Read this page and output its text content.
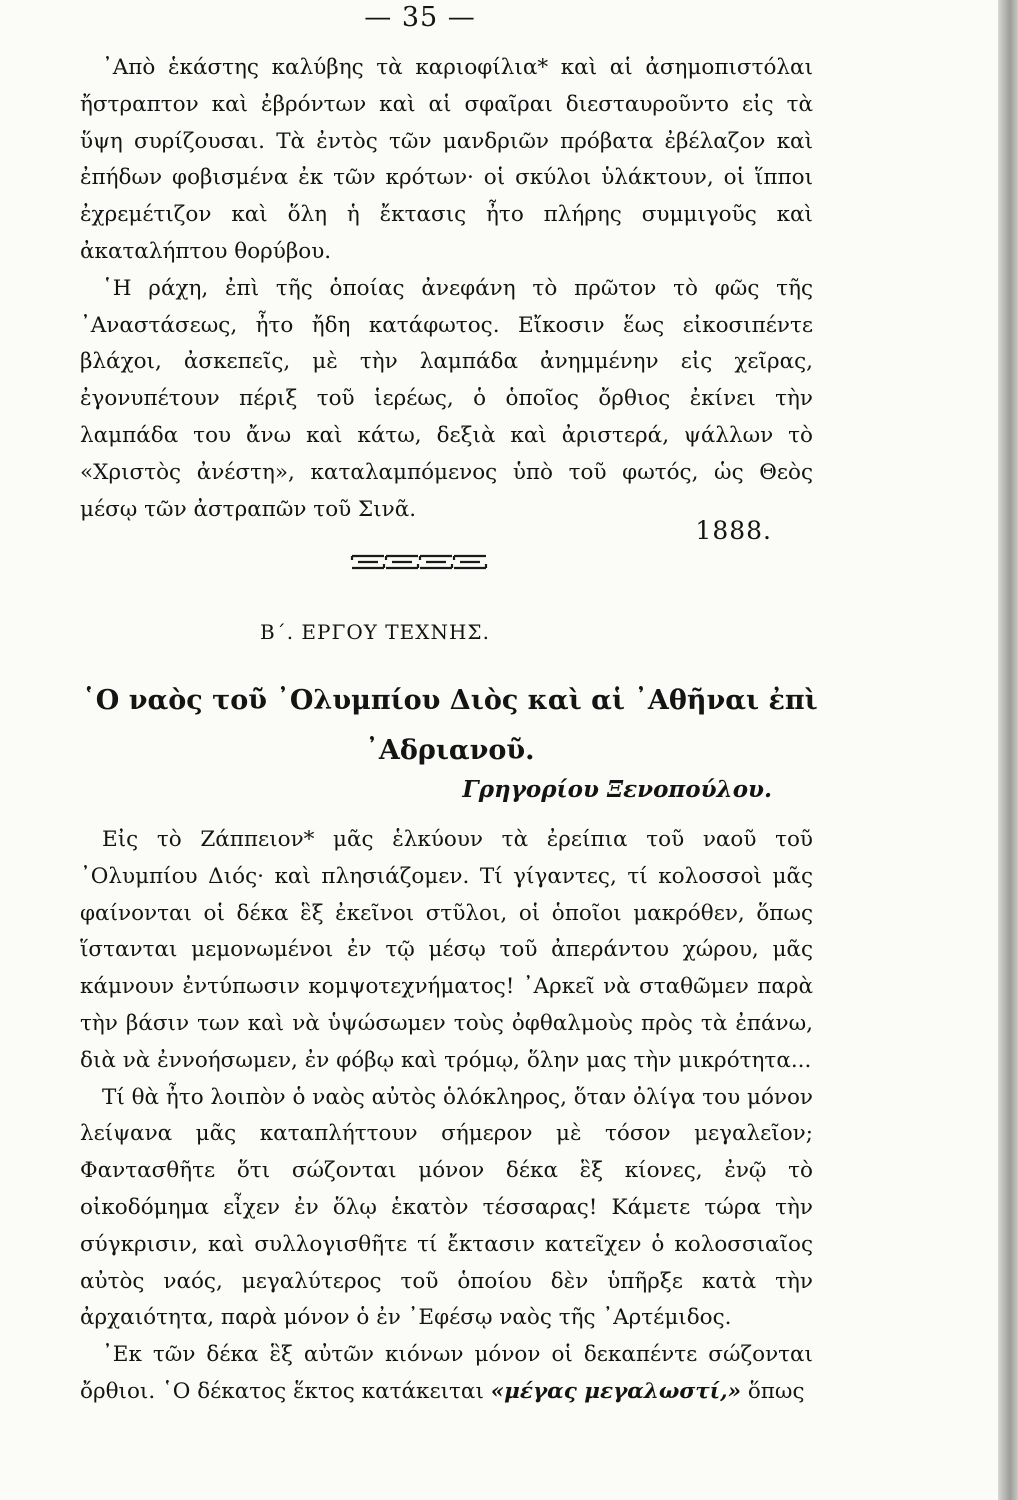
— 35 —

᾿Απὸ ἑκάστης καλύβης τὰ καριοφίλια* καὶ αἱ ἀσημοπιστόλαι ἤστραπτον καὶ ἐβρόντων καὶ αἱ σφαῖραι διεσταυροῦντο εἰς τὰ ὕψη συρίζουσαι. Τὰ ἐντὸς τῶν μανδριῶν πρόβατα ἐβέλαζον καὶ ἐπήδων φοβισμένα ἐκ τῶν κρότων· οἱ σκύλοι ὑλάκτουν, οἱ ἵπποι ἐχρεμέτιζον καὶ ὅλη ἡ ἔκτασις ἦτο πλήρης συμμιγοῦς καὶ ἀκαταλήπτου θορύβου.

῾Η ράχη, ἐπὶ τῆς ὁποίας ἀνεφάνη τὸ πρῶτον τὸ φῶς τῆς ᾿Αναστάσεως, ἦτο ἤδη κατάφωτος. Εἴκοσιν ἕως εἰκοσιπέντε βλάχοι, ἀσκεπεῖς, μὲ τὴν λαμπάδα ἀνημμένην εἰς χεῖρας, ἐγονυπέτουν πέριξ τοῦ ἱερέως, ὁ ὁποῖος ὄρθιος ἐκίνει τὴν λαμπάδα του ἄνω καὶ κάτω, δεξιὰ καὶ ἀριστερά, ψάλλων τὸ «Χριστὸς ἀνέστη», καταλαμπόμενος ὑπὸ τοῦ φωτός, ὡς Θεὸς μέσῳ τῶν ἀστραπῶν τοῦ Σινᾶ.

1888.
Β΄. ΕΡΓΟΥ ΤΕΧΝΗΣ.
῾Ο ναὸς τοῦ ᾿Ολυμπίου Διὸς καὶ αἱ ᾿Αθῆναι ἐπὶ ᾿Αδριανοῦ.
Γρηγορίου Ξενοπούλου.

Εἰς τὸ Ζάππειον* μᾶς ἑλκύουν τὰ ἐρείπια τοῦ ναοῦ τοῦ ᾿Ολυμπίου Διός· καὶ πλησιάζομεν. Τί γίγαντες, τί κολοσσοὶ μᾶς φαίνονται οἱ δέκα ἓξ ἐκεῖνοι στῦλοι, οἱ ὁποῖοι μακρόθεν, ὅπως ἵστανται μεμονωμένοι ἐν τῷ μέσῳ τοῦ ἀπεράντου χώρου, μᾶς κάμνουν ἐντύπωσιν κομψοτεχνήματος! ᾿Αρκεῖ νὰ σταθῶμεν παρὰ τὴν βάσιν των καὶ νὰ ὑψώσωμεν τοὺς ὀφθαλμοὺς πρὸς τὰ ἐπάνω, διὰ νὰ ἐννοήσωμεν, ἐν φόβῳ καὶ τρόμῳ, ὅλην μας τὴν μικρότητα...

Τί θὰ ἦτο λοιπὸν ὁ ναὸς αὐτὸς ὁλόκληρος, ὅταν ὀλίγα του μόνον λείψανα μᾶς καταπλήττουν σήμερον μὲ τόσον μεγαλεῖον; Φαντασθῆτε ὅτι σώζονται μόνον δέκα ἓξ κίονες, ἐνῷ τὸ οἰκοδόμημα εἶχεν ἐν ὅλῳ ἑκατὸν τέσσαρας! Κάμετε τώρα τὴν σύγκρισιν, καὶ συλλογισθῆτε τί ἔκτασιν κατεῖχεν ὁ κολοσσιαῖος αὐτὸς ναός, μεγαλύτερος τοῦ ὁποίου δὲν ὑπῆρξε κατὰ τὴν ἀρχαιότητα, παρὰ μόνον ὁ ἐν ᾿Εφέσῳ ναὸς τῆς ᾿Αρτέμιδος.

᾿Εκ τῶν δέκα ἓξ αὐτῶν κιόνων μόνον οἱ δεκαπέντε σώζονται ὄρθιοι. ῾Ο δέκατος ἕκτος κατάκειται «μέγας μεγαλωστί,» ὅπως
